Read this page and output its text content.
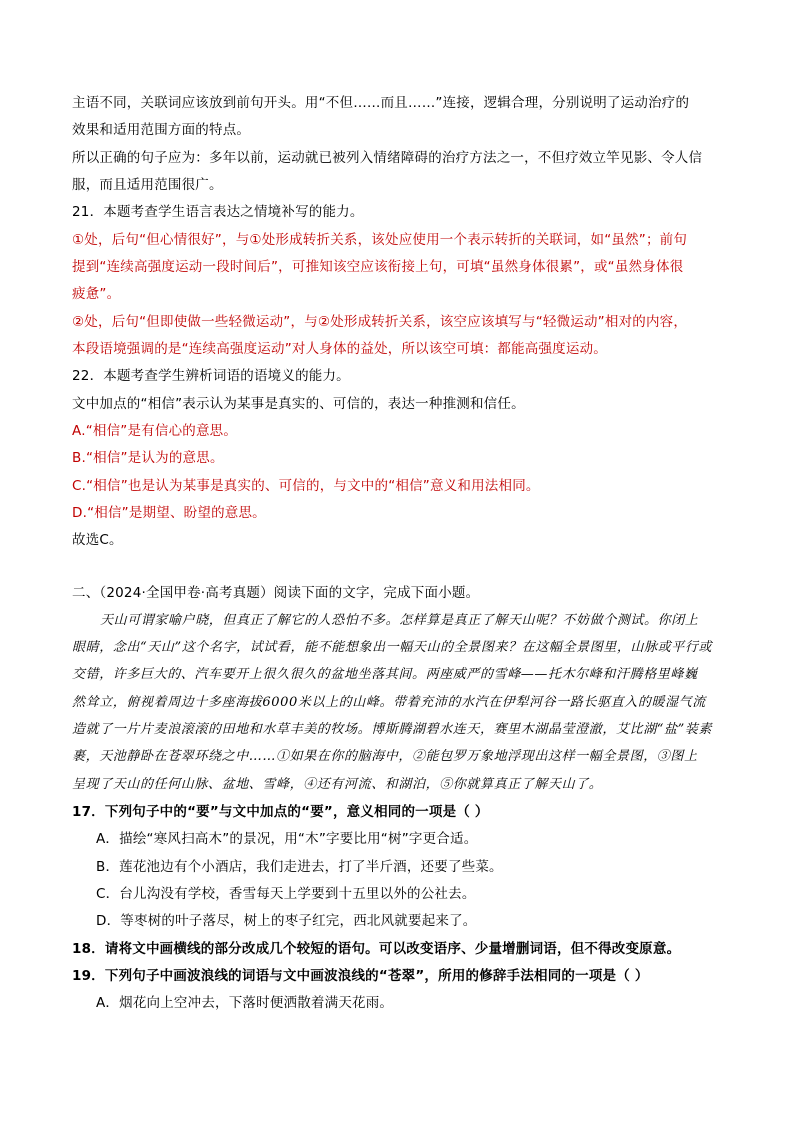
主语不同，关联词应该放到前句开头。用“不但……而且……”连接，逻辑合理，分别说明了运动治疗的
效果和适用范围方面的特点。
所以正确的句子应为：多年以前，运动就已被列入情绪障碍的治疗方法之一，不但疗效立竿见影、令人信
服，而且适用范围很广。
21．本题考查学生语言表达之情境补写的能力。
①处，后句“但心情很好”，与①处形成转折关系，该处应使用一个表示转折的关联词，如“虽然”；前句
提到“连续高强度运动一段时间后”，可推知该空应该衔接上句，可填“虽然身体很累”，或“虽然身体很
疲惫”。
②处，后句“但即使做一些轻微运动”，与②处形成转折关系，该空应该填写与“轻微运动”相对的内容，
本段语境强调的是“连续高强度运动”对人身体的益处，所以该空可填：都能高强度运动。
22．本题考查学生辨析词语的语境义的能力。
文中加点的“相信”表示认为某事是真实的、可信的，表达一种推测和信任。
A.“相信”是有信心的意思。
B.“相信”是认为的意思。
C.“相信”也是认为某事是真实的、可信的，与文中的“相信”意义和用法相同。
D.“相信”是期望、盼望的意思。
故选C。
二、（2024·全国甲卷·高考真题）阅读下面的文字，完成下面小题。
天山可谓家喻户晓，但真正了解它的人恐怕不多。怎样算是真正了解天山呢？不妨做个测试。你闭上
眼睛，念出“天山”这个名字，试试看，能不能想象出一幅天山的全景图来？在这幅全景图里，山脉或平行或
交错，许多巨大的、汽车要开上很久很久的盆地坐落其间。两座威严的雪峰——托木尔峰和汗腾格里峰巍
然耸立，俯视着周边十多座海拔6000米以上的山峰。带着充沛的水汽在伊犁河谷一路长驱直入的暖湿气流
造就了一片片麦浪滚滚的田地和水草丰美的牧场。博斯腾湖碧水连天，赛里木湖晶莹澄澈，艾比湖“盐”装素
裹，天池静卧在苍翠环绕之中……①如果在你的脑海中，②能包罗万象地浮现出这样一幅全景图，③图上
呈现了天山的任何山脉、盆地、雪峰，④还有河流、和湖泊，⑤你就算真正了解天山了。
17．下列句子中的“要”与文中加点的“要”，意义相同的一项是（ ）
A．描绘“寒风扫高木”的景况，用“木”字要比用“树”字更合适。
B．莲花池边有个小酒店，我们走进去，打了半斤酒，还要了些菜。
C．台儿沟没有学校，香雪每天上学要到十五里以外的公社去。
D．等枣树的叶子落尽，树上的枣子红完，西北风就要起来了。
18．请将文中画横线的部分改成几个较短的语句。可以改变语序、少量增删词语，但不得改变原意。
19．下列句子中画波浪线的词语与文中画波浪线的“苍翠”，所用的修辞手法相同的一项是（ ）
A．烟花向上空冲去，下落时便洒散着满天花雨。
